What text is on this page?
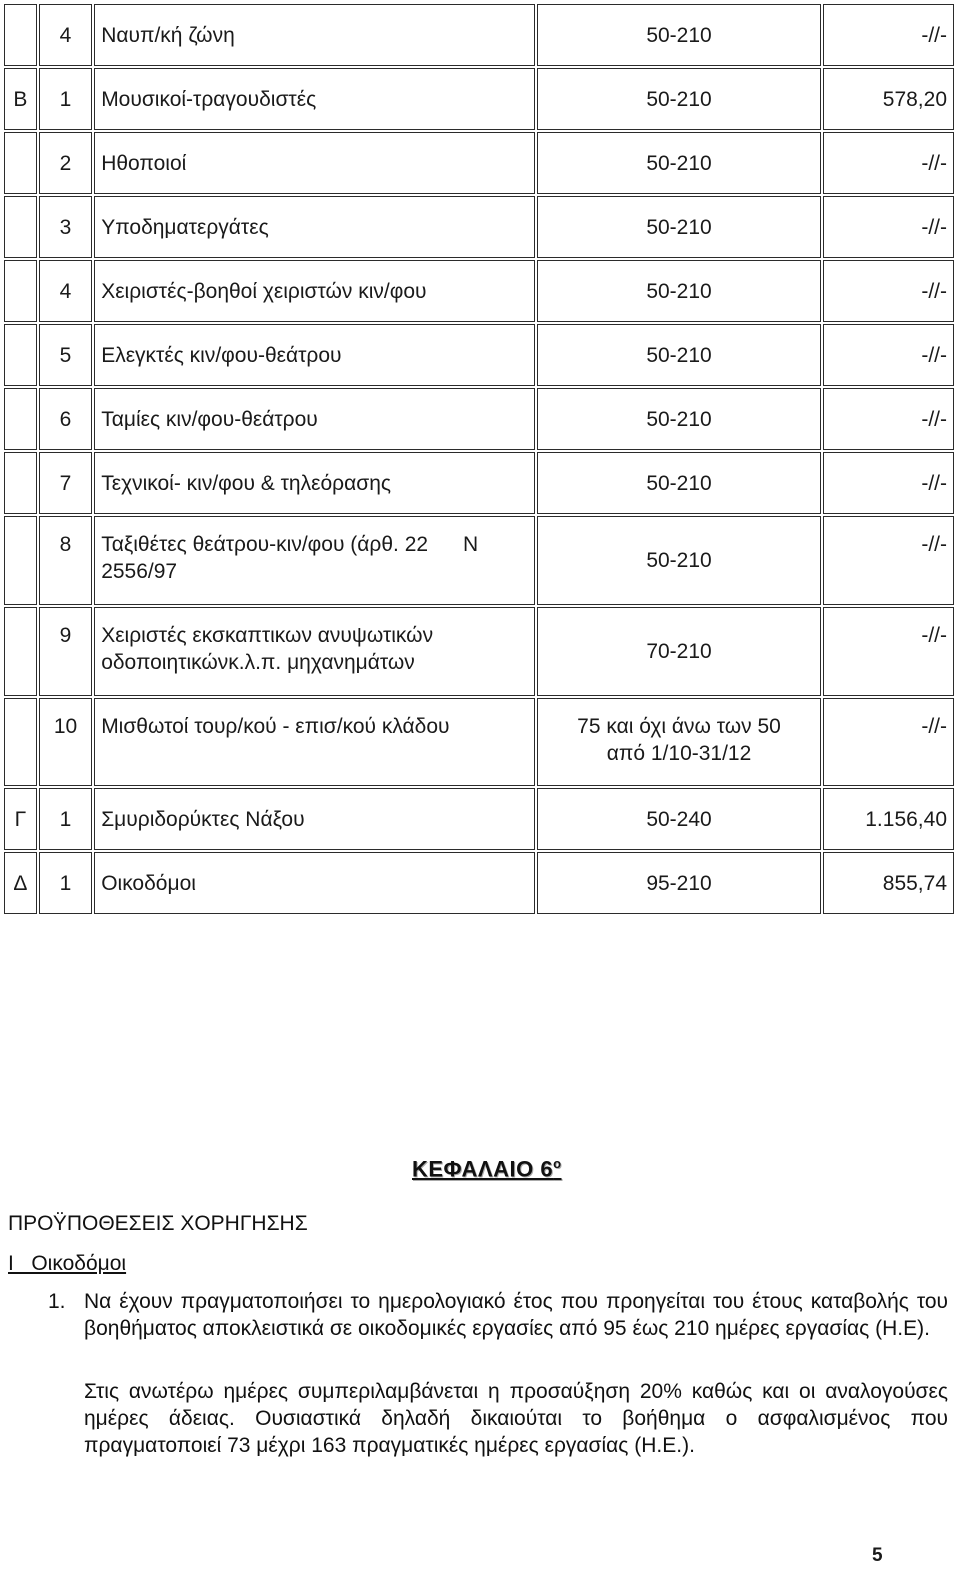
	4	Ναυπ/κή ζώνη	50-210	-//-
Β	1	Μουσικοί-τραγουδιστές	50-210	578,20
	2	Ηθοποιοί	50-210	-//-
	3	Υποδηματεργάτες	50-210	-//-
	4	Χειριστές-βοηθοί χειριστών κιν/φου	50-210	-//-
	5	Ελεγκτές κιν/φου-θεάτρου	50-210	-//-
	6	Ταμίες κιν/φου-θεάτρου	50-210	-//-
	7	Τεχνικοί- κιν/φου & τηλεόρασης	50-210	-//-
	8	Ταξιθέτες θεάτρου-κιν/φου (άρθ. 22      Ν
2556/97	50-210	-//-
	9	Χειριστές εκσκαπτικων ανυψωτικών
οδοποιητικώνκ.λ.π. μηχανημάτων	70-210	-//-
	10	Μισθωτοί τουρ/κού - επισ/κού κλάδου	75 και όχι άνω των 50
από 1/10-31/12	-//-
Γ	1	Σμυριδορύκτες Νάξου	50-240	1.156,40
Δ	1	Οικοδόμοι	95-210	855,74
ΚΕΦΑΛΑΙΟ $6^o$
ΠΡΟΫΠΟΘΕΣΕΙΣ ΧΟΡΗΓΗΣΗΣ
Ι   Οικοδόμοι
1. Να έχουν πραγματοποιήσει το ημερολογιακό έτος που προηγείται του έτους καταβολής του βοηθήματος αποκλειστικά σε οικοδομικές εργασίες από 95 έως 210 ημέρες εργασίας (Η.Ε).
Στις ανωτέρω ημέρες συμπεριλαμβάνεται η προσαύξηση 20% καθώς και οι αναλογούσες ημέρες άδειας. Ουσιαστικά δηλαδή δικαιούται το βοήθημα ο ασφαλισμένος που πραγματοποιεί 73 μέχρι 163 πραγματικές ημέρες εργασίας (Η.Ε.).
5
